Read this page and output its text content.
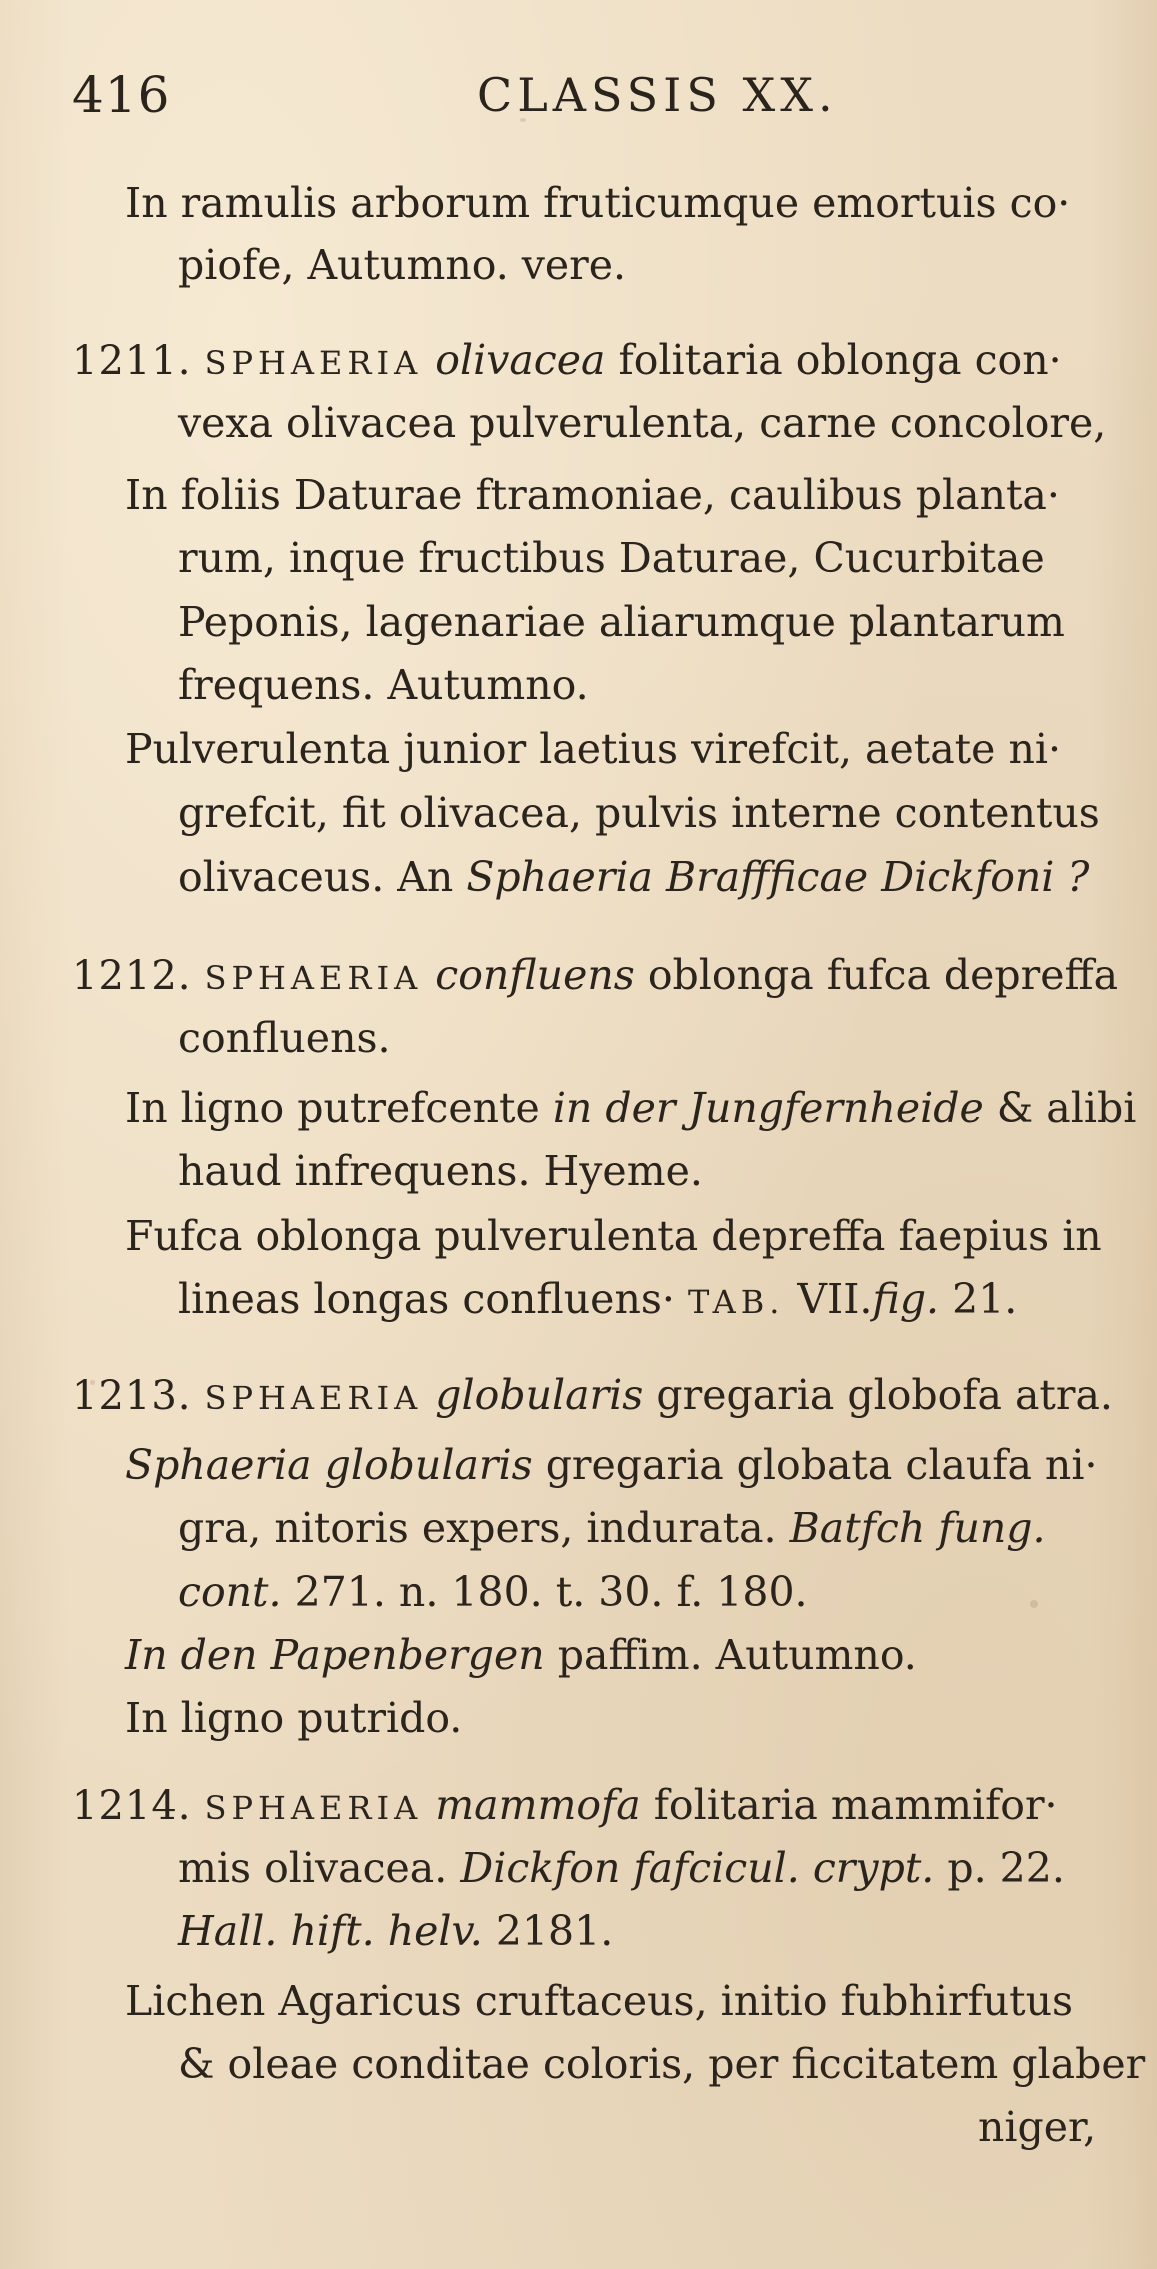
416	CLASSIS XX.
In ramulis arborum fruticumque emortuis co·
piofe, Autumno. vere.
1211. SPHAERIA olivacea folitaria oblonga con·
vexa olivacea pulverulenta, carne concolore,
In foliis Daturae ftramoniae, caulibus planta·
rum, inque fructibus Daturae, Cucurbitae
Peponis, lagenariae aliarumque plantarum
frequens. Autumno.
Pulverulenta junior laetius virefcit, aetate ni·
grefcit, fit olivacea, pulvis interne contentus
olivaceus. An Sphaeria Braffficae Dickfoni ?
1212. SPHAERIA confluens oblonga fufca depreffa
confluens.
In ligno putrefcente in der Jungfernheide & alibi
haud infrequens. Hyeme.
Fufca oblonga pulverulenta depreffa faepius in
lineas longas confluens· TAB. VII.fig. 21.
1213. SPHAERIA globularis gregaria globofa atra.
Sphaeria globularis gregaria globata claufa ni·
gra, nitoris expers, indurata. Batfch fung.
cont. 271. n. 180. t. 30. f. 180.
In den Papenbergen paffim. Autumno.
In ligno putrido.
1214. SPHAERIA mammofa folitaria mammifor·
mis olivacea. Dickfon fafcicul. crypt. p. 22.
Hall. hift. helv. 2181.
Lichen Agaricus cruftaceus, initio fubhirfutus
& oleae conditae coloris, per ficcitatem glaber
niger,
